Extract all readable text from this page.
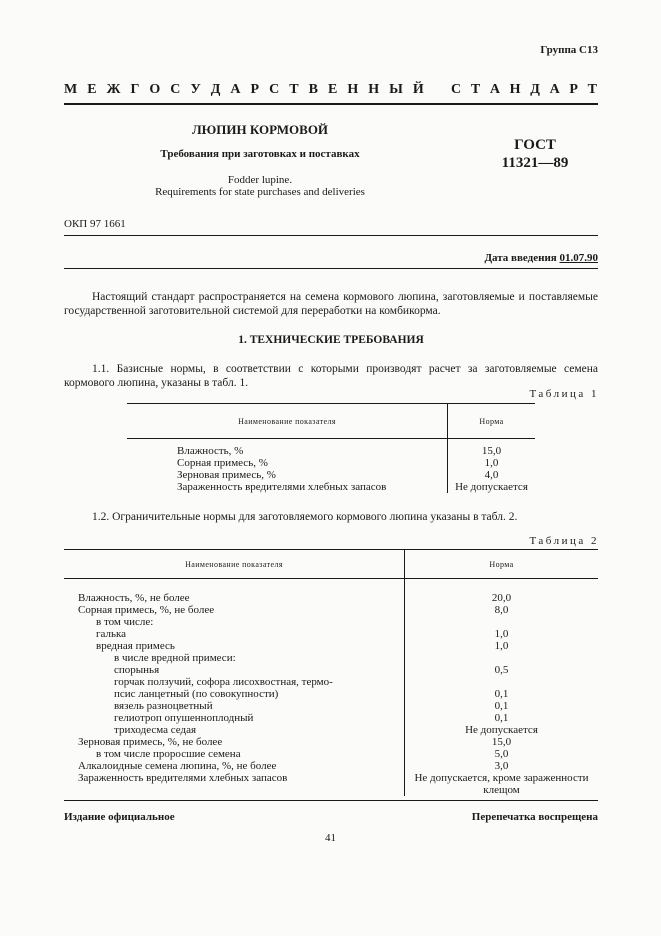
Группа С13
М Е Ж Г О С У Д А Р С Т В Е Н Н Ы Й С Т А Н Д А Р Т
ЛЮПИН КОРМОВОЙ
Требования при заготовках и поставках
Fodder lupine.
Requirements for state purchases and deliveries
ГОСТ
11321—89
ОКП 97 1661
Дата введения 01.07.90
Настоящий стандарт распространяется на семена кормового люпина, заготовляемые и поставляемые государственной заготовительной системой для переработки на комбикорма.
1. ТЕХНИЧЕСКИЕ ТРЕБОВАНИЯ
1.1. Базисные нормы, в соответствии с которыми производят расчет за заготовляемые семена кормового люпина, указаны в табл. 1.
Таблица 1
Наименование показателя	Норма
Влажность, %	15,0
Сорная примесь, %	1,0
Зерновая примесь, %	4,0
Зараженность вредителями хлебных запасов	Не допускается
1.2. Ограничительные нормы для заготовляемого кормового люпина указаны в табл. 2.
Таблица 2
Наименование показателя	Норма
Влажность, %, не более	20,0
Сорная примесь, %, не более	8,0
в том числе:	
галька	1,0
вредная примесь	1,0
в числе вредной примеси:	
спорынья	0,5
горчак ползучий, софора лисохвостная, термо-	
псис ланцетный (по совокупности)	0,1
вязель разноцветный	0,1
гелиотроп опушенноплодный	0,1
триходесма седая	Не допускается
Зерновая примесь, %, не более	15,0
в том числе проросшие семена	5,0
Алкалоидные семена люпина, %, не более	3,0
Зараженность вредителями хлебных запасов	Не допускается, кроме зараженности клещом
Издание официальное	Перепечатка воспрещена
41
